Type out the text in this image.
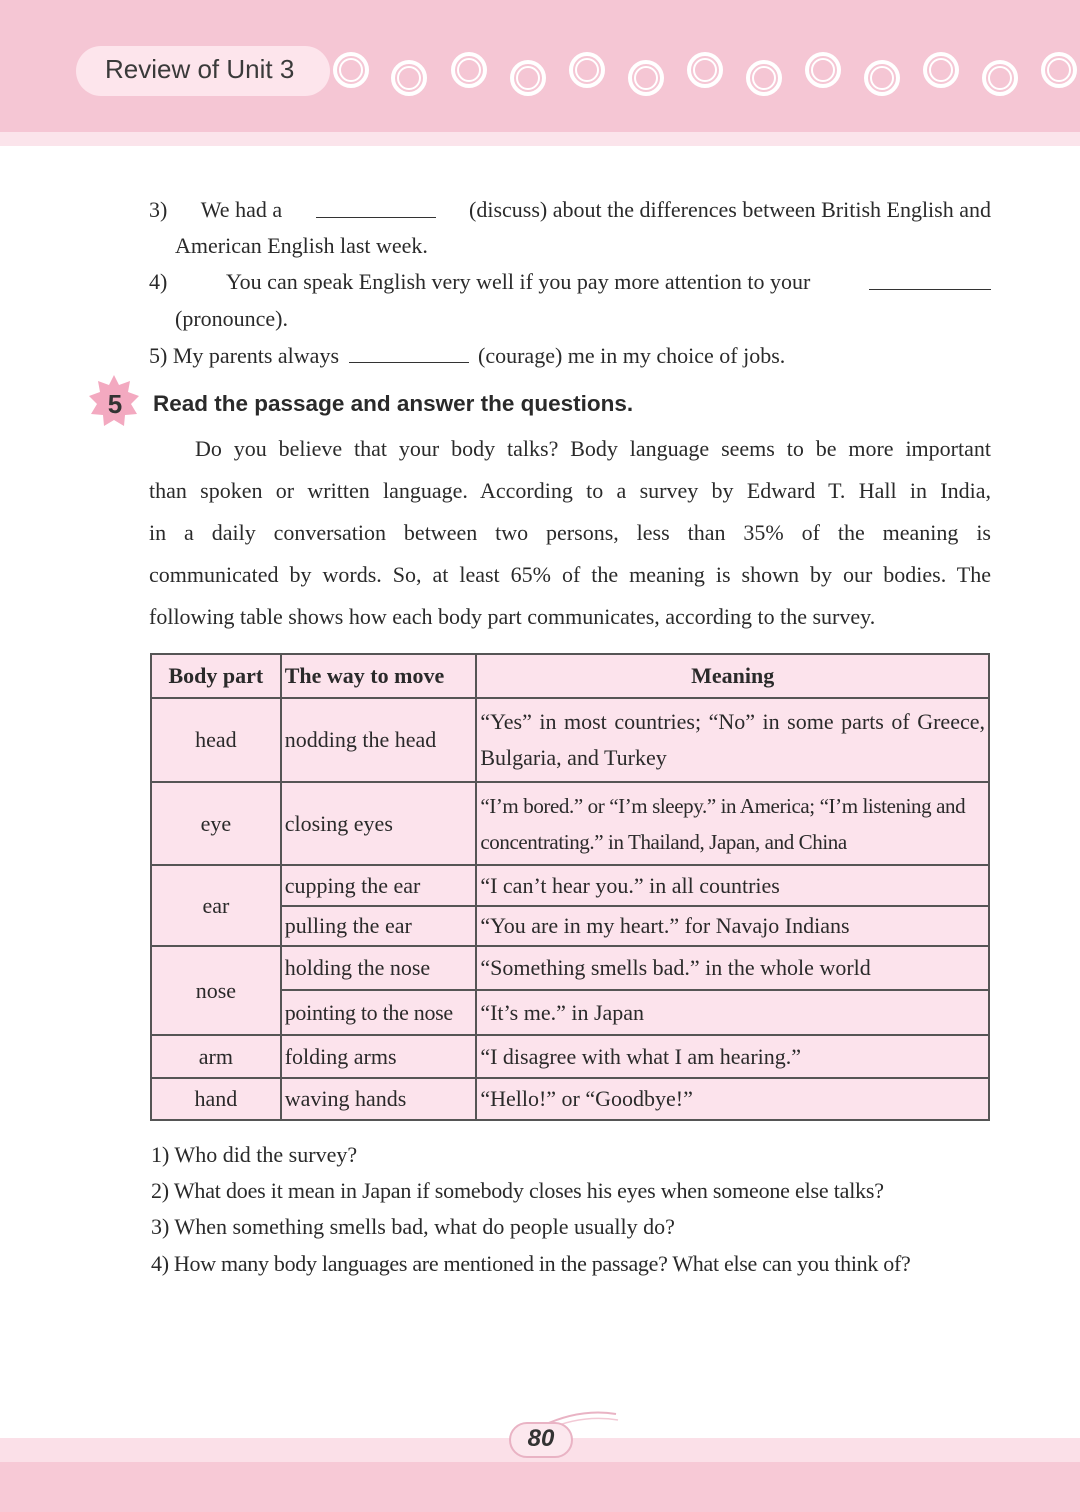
Review of Unit 3
3) We had a	(discuss) about the differences between British English and
American English last week.
4)	You can speak English very well if you pay more attention to your
(pronounce).
5) My parents always	(courage) me in my choice of jobs.
5 Read the passage and answer the questions.
Do you believe that your body talks? Body language seems to be more important
than spoken or written language. According to a survey by Edward T. Hall in India,
in a daily conversation between two persons, less than 35% of the meaning is
communicated by words. So, at least 65% of the meaning is shown by our bodies. The
following table shows how each body part communicates, according to the survey.
Body part	The way to move	Meaning
head	nodding the head	“Yes” in most countries; “No” in some parts of Greece, Bulgaria, and Turkey
eye	closing eyes	“I’m bored.” or “I’m sleepy.” in America; “I’m listening and concentrating.” in Thailand, Japan, and China
ear	cupping the ear	“I can’t hear you.” in all countries
	pulling the ear	“You are in my heart.” for Navajo Indians
nose	holding the nose	“Something smells bad.” in the whole world
	pointing to the nose	“It’s me.” in Japan
arm	folding arms	“I disagree with what I am hearing.”
hand	waving hands	“Hello!” or “Goodbye!”
1) Who did the survey?
2) What does it mean in Japan if somebody closes his eyes when someone else talks?
3) When something smells bad, what do people usually do?
4) How many body languages are mentioned in the passage? What else can you think of?
80
